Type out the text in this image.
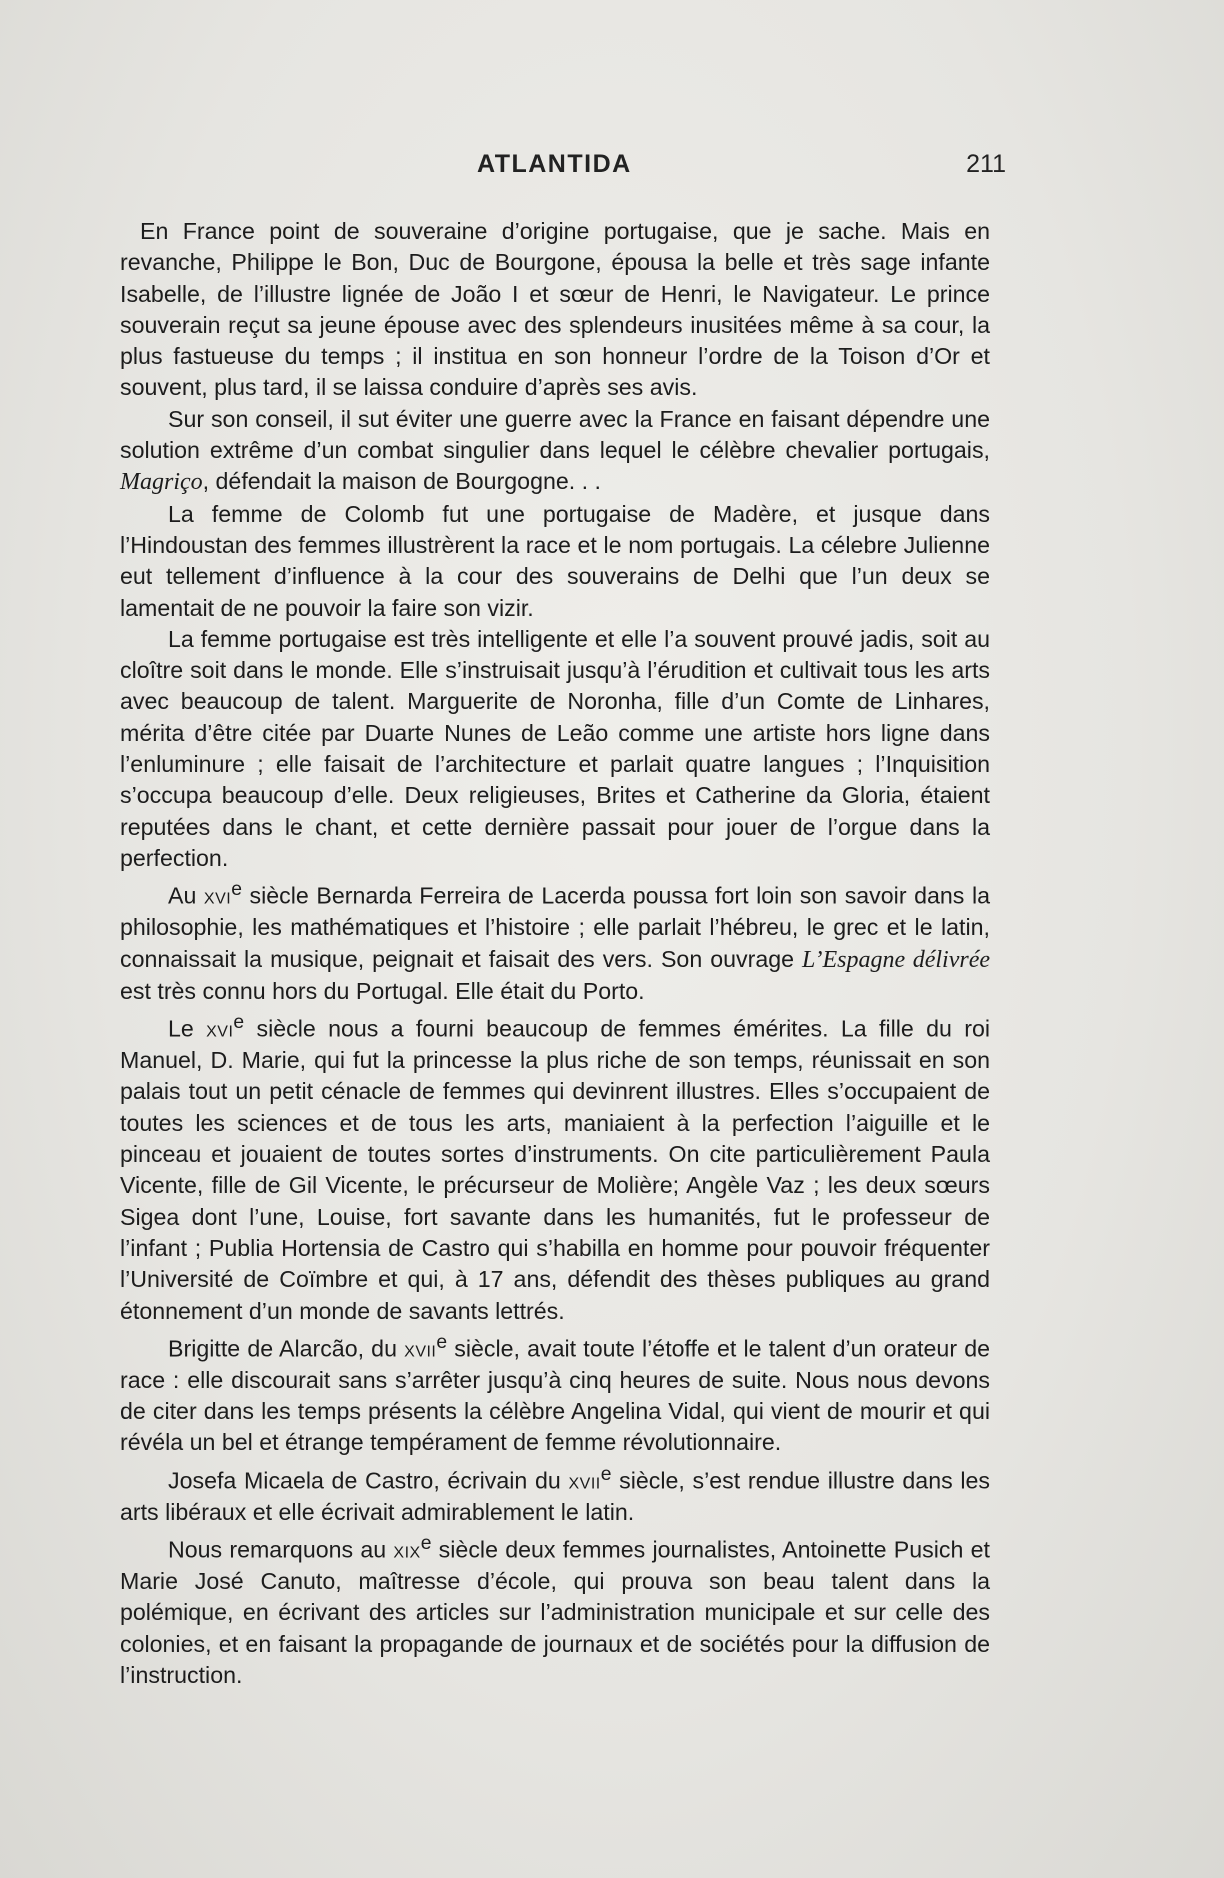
ATLANTIDA	211

En France point de souveraine d’origine portugaise, que je sache. Mais en revanche, Philippe le Bon, Duc de Bourgone, épousa la belle et très sage infante Isabelle, de l’illustre lignée de João I et sœur de Henri, le Navigateur. Le prince souverain reçut sa jeune épouse avec des splendeurs inusitées même à sa cour, la plus fastueuse du temps ; il institua en son honneur l’ordre de la Toison d’Or et souvent, plus tard, il se laissa conduire d’après ses avis.

Sur son conseil, il sut éviter une guerre avec la France en faisant dépendre une solution extrême d’un combat singulier dans lequel le célèbre chevalier portugais, Magriço, défendait la maison de Bourgogne. . .

La femme de Colomb fut une portugaise de Madère, et jusque dans l’Hindoustan des femmes illustrèrent la race et le nom portugais. La célebre Julienne eut tellement d’influence à la cour des souverains de Delhi que l’un deux se lamentait de ne pouvoir la faire son vizir.

La femme portugaise est très intelligente et elle l’a souvent prouvé jadis, soit au cloître soit dans le monde. Elle s’instruisait jusqu’à l’érudition et cultivait tous les arts avec beaucoup de talent. Marguerite de Noronha, fille d’un Comte de Linhares, mérita d’être citée par Duarte Nunes de Leão comme une artiste hors ligne dans l’enluminure ; elle faisait de l’architecture et parlait quatre langues ; l’Inquisition s’occupa beaucoup d’elle. Deux religieuses, Brites et Catherine da Gloria, étaient reputées dans le chant, et cette dernière passait pour jouer de l’orgue dans la perfection.

Au xvi$^e$ siècle Bernarda Ferreira de Lacerda poussa fort loin son savoir dans la philosophie, les mathématiques et l’histoire ; elle parlait l’hébreu, le grec et le latin, connaissait la musique, peignait et faisait des vers. Son ouvrage L’Espagne délivrée est très connu hors du Portugal. Elle était du Porto.

Le xvi$^e$ siècle nous a fourni beaucoup de femmes émérites. La fille du roi Manuel, D. Marie, qui fut la princesse la plus riche de son temps, réunissait en son palais tout un petit cénacle de femmes qui devinrent illustres. Elles s’occupaient de toutes les sciences et de tous les arts, maniaient à la perfection l’aiguille et le pinceau et jouaient de toutes sortes d’instruments. On cite particulièrement Paula Vicente, fille de Gil Vicente, le précurseur de Molière; Angèle Vaz ; les deux sœurs Sigea dont l’une, Louise, fort savante dans les humanités, fut le professeur de l’infant ; Publia Hortensia de Castro qui s’habilla en homme pour pouvoir fréquenter l’Université de Coïmbre et qui, à 17 ans, défendit des thèses publiques au grand étonnement d’un monde de savants lettrés.

Brigitte de Alarcão, du xvii$^e$ siècle, avait toute l’étoffe et le talent d’un orateur de race : elle discourait sans s’arrêter jusqu’à cinq heures de suite. Nous nous devons de citer dans les temps présents la célèbre Angelina Vidal, qui vient de mourir et qui révéla un bel et étrange tempérament de femme révolutionnaire.

Josefa Micaela de Castro, écrivain du xvii$^e$ siècle, s’est rendue illustre dans les arts libéraux et elle écrivait admirablement le latin.

Nous remarquons au xix$^e$ siècle deux femmes journalistes, Antoinette Pusich et Marie José Canuto, maîtresse d’école, qui prouva son beau talent dans la polémique, en écrivant des articles sur l’administration municipale et sur celle des colonies, et en faisant la propagande de journaux et de sociétés pour la diffusion de l’instruction.
